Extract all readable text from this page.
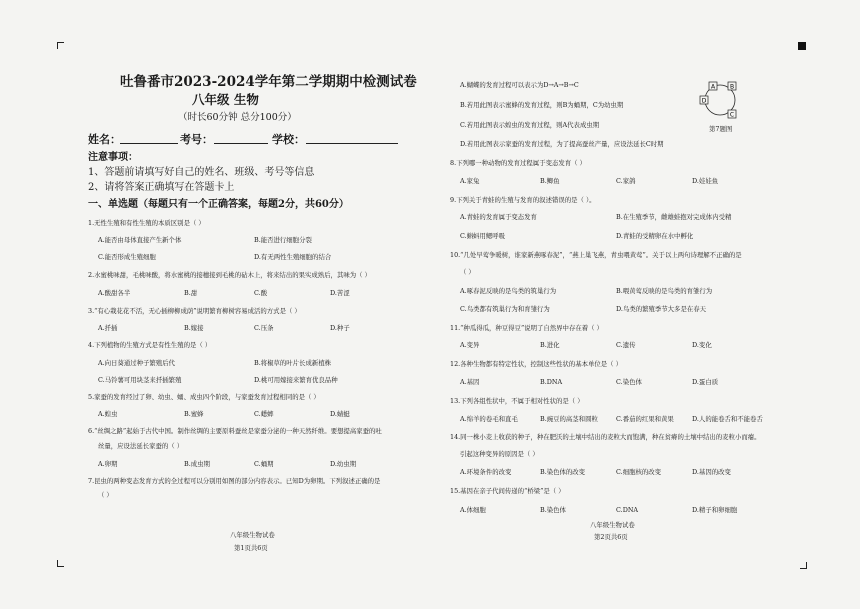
吐鲁番市2023-2024学年第二学期期中检测试卷
八年级 生物
（时长60分钟 总分100分）
姓名：	考号：	学校：
注意事项：
1、答题前请填写好自己的姓名、班级、考号等信息
2、请将答案正确填写在答题卡上
一、单选题（每题只有一个正确答案，每题2分，共60分）
1.无性生殖和有性生殖的本质区别是（ ）
A.能否由母体直接产生新个体	B.能否进行细胞分裂
C.能否形成生殖细胞	D.有无两性生殖细胞的结合
2.水蜜桃味甜，毛桃味酸，将水蜜桃的接穗接到毛桃的砧木上，将来结出的果实成熟后，其味为（ ）
A.酸甜各半	B.甜	C.酸	D.苦涩
3.“有心栽花花不活，无心插柳柳成荫”说明繁育柳树容易成活的方式是（ ）
A.扦插	B.嫁接	C.压条	D.种子
4.下列植物的生殖方式是有性生殖的是（ ）
A.向日葵通过种子繁殖后代	B.将椒草的叶片长成新植株
C.马铃薯可用块茎来扦插繁殖	D.桃可用嫁接来繁育优良品种
5.家蚕的发育经过了卵、幼虫、蛹、成虫四个阶段，与家蚕发育过程相同的是（ ）
A.蝗虫	B.蜜蜂	C.蟋蟀	D.蜻蜓
6.“丝绸之路”起始于古代中国。制作丝绸的主要原料蚕丝是家蚕分泌的一种天然纤维。要想提高家蚕的吐
丝量，应设法延长家蚕的（ ）
A.卵期	B.成虫期	C.蛹期	D.幼虫期
7.昆虫的两种变态发育方式的全过程可以分别用如图的部分内容表示。已知D为卵期。下列叙述正确的是
（ ）
八年级生物试卷
第1页共6页
A.蝴蝶的发育过程可以表示为D→A→B→C
B.若用此图表示蜜蜂的发育过程，则B为蛹期，C为幼虫期
C.若用此图表示蝗虫的发育过程，则A代表成虫期
D.若用此图表示家蚕的发育过程，为了提高蚕丝产量，应设法延长C时期
A B
D
C
第7题图
8.下列哪一种动物的发育过程属于变态发育（ ）
A.家兔	B.鲫鱼	C.家鸽	D.娃娃鱼
9.下列关于青蛙的生殖与发育的叙述错误的是（ ）。
A.青蛙的发育属于变态发育	B.在生殖季节，雌雄蛙抱对完成体内受精
C.蝌蚪用鳃呼吸	D.青蛙的受精卵在水中孵化
10.“几处早莺争暖树，谁家新燕啄春泥”，“燕上巢飞燕，青虫喂黄莺”。关于以上两句诗理解不正确的是
（ ）
A.啄春泥反映的是鸟类的筑巢行为	B.喂黄莺反映的是鸟类的育雏行为
C.鸟类都有筑巢行为和育雏行为	D.鸟类的繁殖季节大多是在春天
11.“种瓜得瓜，种豆得豆”说明了自然界中存在着（ ）
A.变异	B.进化	C.遗传	D.变化
12.各种生物都有特定性状，控制这些性状的基本单位是（ ）
A.基因	B.DNA	C.染色体	D.蛋白质
13.下列各组性状中，不属于相对性状的是（ ）
A.绵羊的卷毛和直毛	B.豌豆的高茎和圆粒	C.番茄的红果和黄果	D.人的能卷舌和不能卷舌
14.同一株小麦上收获的种子，种在肥沃的土壤中结出的麦粒大而饱满，种在贫瘠的土壤中结出的麦粒小而瘪。
引起这种变异的原因是（ ）
A.环境条件的改变	B.染色体的改变	C.细胞核的改变	D.基因的改变
15.基因在亲子代间传递的“桥梁”是（ ）
A.体细胞	B.染色体	C.DNA	D.精子和卵细胞
八年级生物试卷
第2页共6页
